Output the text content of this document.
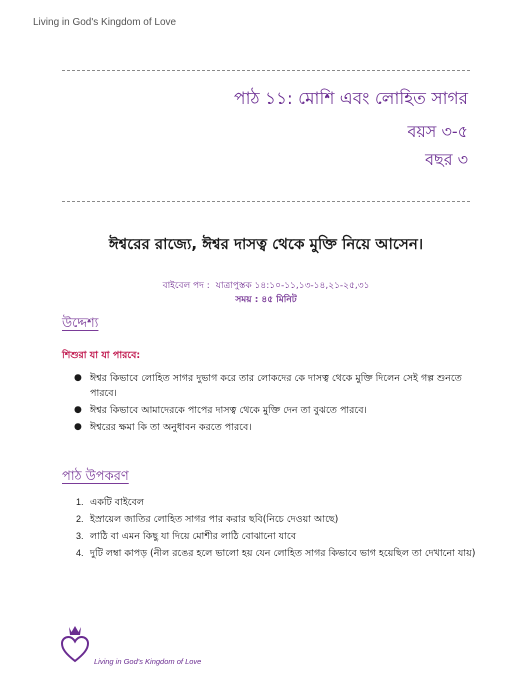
Living in God's Kingdom of Love
পাঠ ১১: মোশি এবং লোহিত সাগর
বয়স ৩-৫
বছর ৩
ঈশ্বরের রাজ্যে, ঈশ্বর দাসত্ব থেকে মুক্তি নিয়ে আসেন।
বাইবেল পদ : যাত্রাপুস্তক ১৪:১০-১১,১৩-১৪,২১-২৫,৩১
সময় : ৪৫ মিনিট
উদ্দেশ্য
শিশুরা যা যা পারবে:
● ঈশ্বর কিভাবে লোহিত সাগর দুভাগ করে তার লোকদের কে দাসত্ব থেকে মুক্তি দিলেন সেই গল্প শুনতে পারবে।
● ঈশ্বর কিভাবে আমাদেরকে পাপের দাসত্ব থেকে মুক্তি দেন তা বুঝতে পারবে।
● ঈশ্বরের ক্ষমা কি তা অনুধাবন করতে পারবে।
পাঠ উপকরণ
1. একটি বাইবেল
2. ইস্রায়েল জাতির লোহিত সাগর পার করার ছবি(নিচে দেওয়া আছে)
3. লাঠি বা এমন কিছু যা দিয়ে মোশীর লাঠি বোঝানো যাবে
4. দুটি লম্বা কাপড় (নীল রঙের হলে ভালো হয় যেন লোহিত সাগর কিভাবে ভাগ হয়েছিল তা দেখানো যায়)
Living in God's Kingdom of Love
